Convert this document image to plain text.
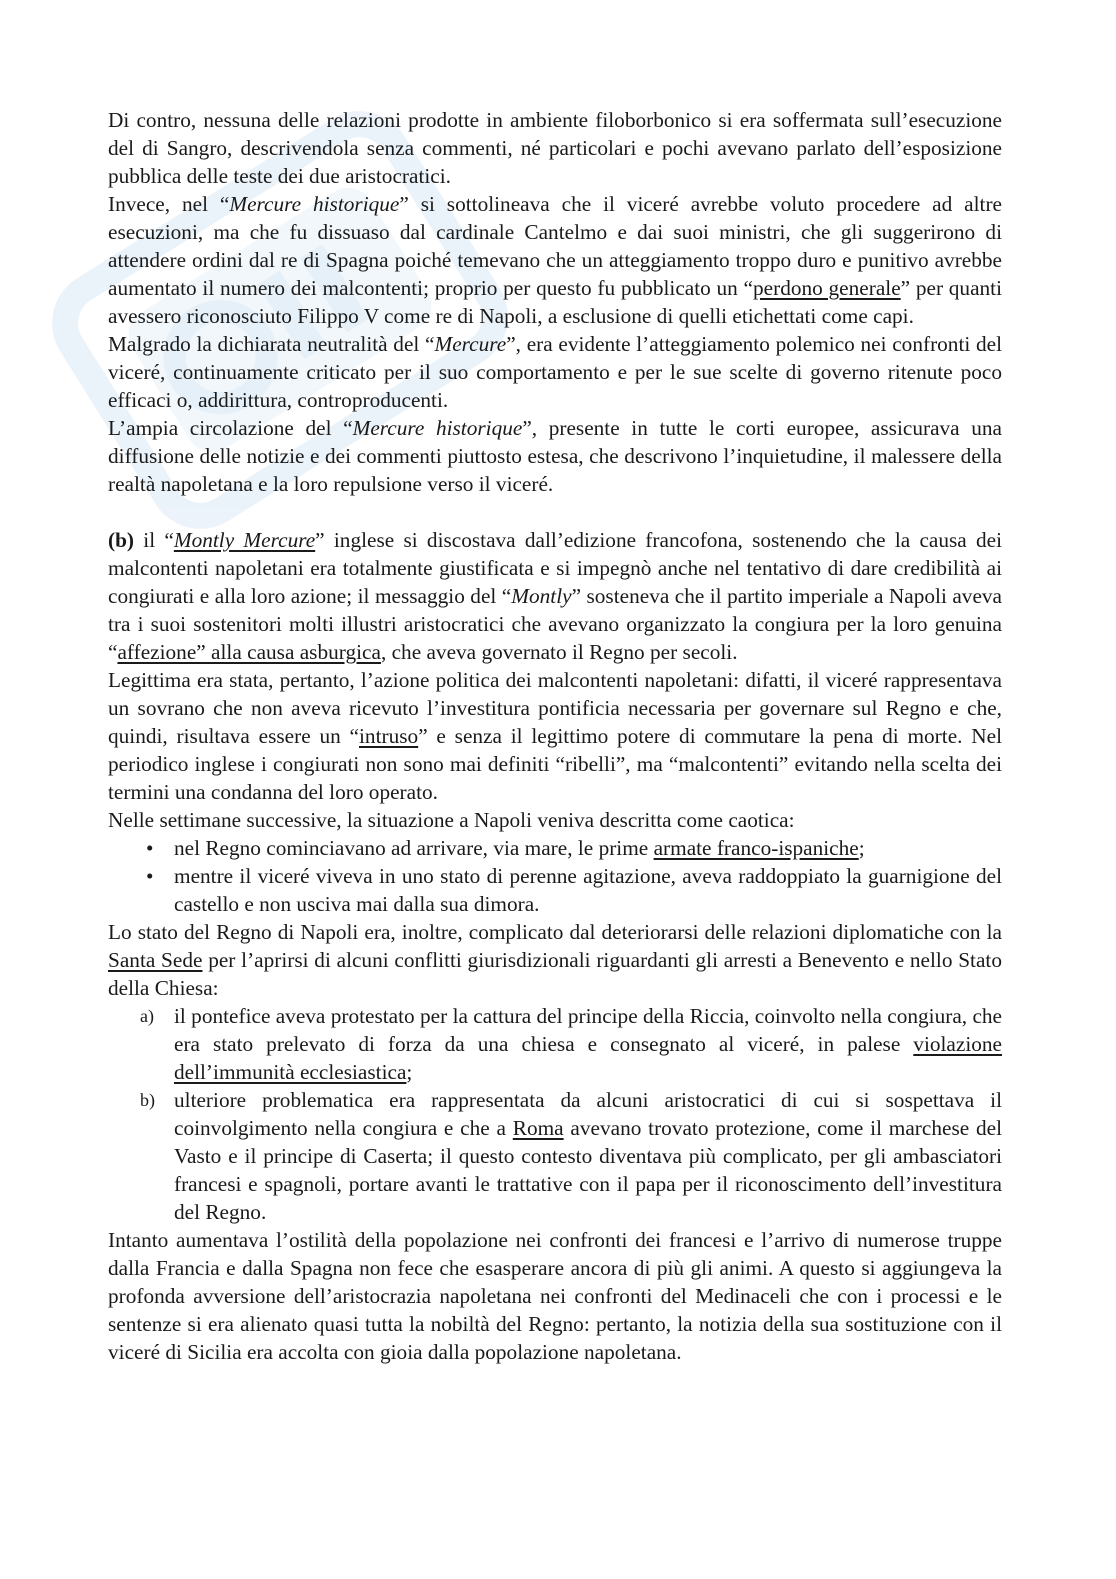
Di contro, nessuna delle relazioni prodotte in ambiente filoborbonico si era soffermata sull’esecuzione del di Sangro, descrivendola senza commenti, né particolari e pochi avevano parlato dell’esposizione pubblica delle teste dei due aristocratici.

Invece, nel “Mercure historique” si sottolineava che il viceré avrebbe voluto procedere ad altre esecuzioni, ma che fu dissuaso dal cardinale Cantelmo e dai suoi ministri, che gli suggerirono di attendere ordini dal re di Spagna poiché temevano che un atteggiamento troppo duro e punitivo avrebbe aumentato il numero dei malcontenti; proprio per questo fu pubblicato un “perdono generale” per quanti avessero riconosciuto Filippo V come re di Napoli, a esclusione di quelli etichettati come capi.

Malgrado la dichiarata neutralità del “Mercure”, era evidente l’atteggiamento polemico nei confronti del viceré, continuamente criticato per il suo comportamento e per le sue scelte di governo ritenute poco efficaci o, addirittura, controproducenti.

L’ampia circolazione del “Mercure historique”, presente in tutte le corti europee, assicurava una diffusione delle notizie e dei commenti piuttosto estesa, che descrivono l’inquietudine, il malessere della realtà napoletana e la loro repulsione verso il viceré.

(b) il “Montly Mercure” inglese si discostava dall’edizione francofona, sostenendo che la causa dei malcontenti napoletani era totalmente giustificata e si impegnò anche nel tentativo di dare credibilità ai congiurati e alla loro azione; il messaggio del “Montly” sosteneva che il partito imperiale a Napoli aveva tra i suoi sostenitori molti illustri aristocratici che avevano organizzato la congiura per la loro genuina “affezione” alla causa asburgica, che aveva governato il Regno per secoli.

Legittima era stata, pertanto, l’azione politica dei malcontenti napoletani: difatti, il viceré rappresentava un sovrano che non aveva ricevuto l’investitura pontificia necessaria per governare sul Regno e che, quindi, risultava essere un “intruso” e senza il legittimo potere di commutare la pena di morte. Nel periodico inglese i congiurati non sono mai definiti “ribelli”, ma “malcontenti” evitando nella scelta dei termini una condanna del loro operato.

Nelle settimane successive, la situazione a Napoli veniva descritta come caotica:

• nel Regno cominciavano ad arrivare, via mare, le prime armate franco-ispaniche;
• mentre il viceré viveva in uno stato di perenne agitazione, aveva raddoppiato la guarnigione del castello e non usciva mai dalla sua dimora.

Lo stato del Regno di Napoli era, inoltre, complicato dal deteriorarsi delle relazioni diplomatiche con la Santa Sede per l’aprirsi di alcuni conflitti giurisdizionali riguardanti gli arresti a Benevento e nello Stato della Chiesa:

a) il pontefice aveva protestato per la cattura del principe della Riccia, coinvolto nella congiura, che era stato prelevato di forza da una chiesa e consegnato al viceré, in palese violazione dell’immunità ecclesiastica;
b) ulteriore problematica era rappresentata da alcuni aristocratici di cui si sospettava il coinvolgimento nella congiura e che a Roma avevano trovato protezione, come il marchese del Vasto e il principe di Caserta; il questo contesto diventava più complicato, per gli ambasciatori francesi e spagnoli, portare avanti le trattative con il papa per il riconoscimento dell’investitura del Regno.

Intanto aumentava l’ostilità della popolazione nei confronti dei francesi e l’arrivo di numerose truppe dalla Francia e dalla Spagna non fece che esasperare ancora di più gli animi. A questo si aggiungeva la profonda avversione dell’aristocrazia napoletana nei confronti del Medinaceli che con i processi e le sentenze si era alienato quasi tutta la nobiltà del Regno: pertanto, la notizia della sua sostituzione con il viceré di Sicilia era accolta con gioia dalla popolazione napoletana.
